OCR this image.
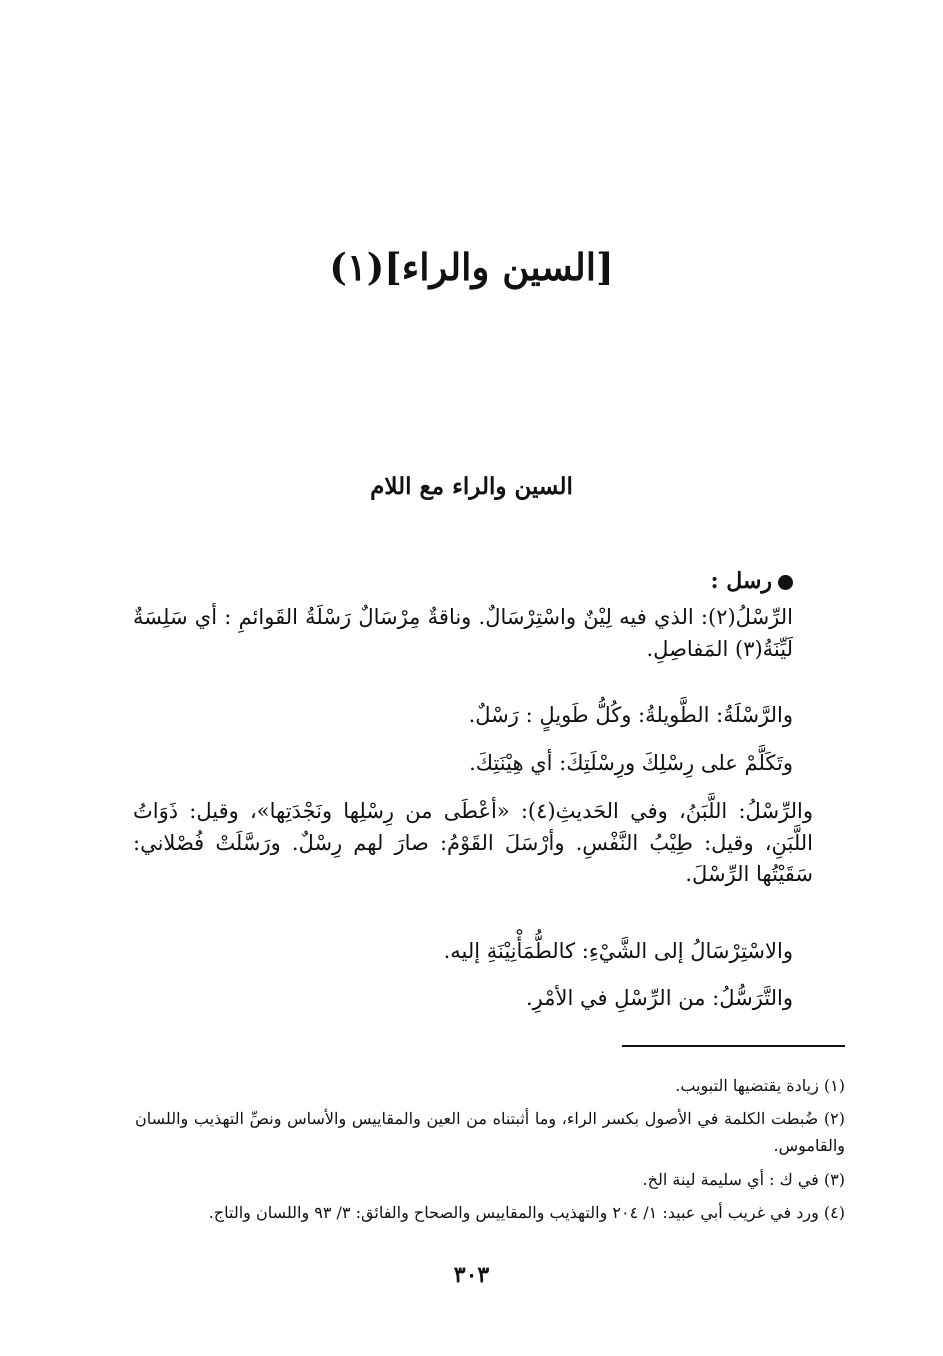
[السين والراء](١)
السين والراء مع اللام
رسل :
الرِّسْلُ(٢): الذي فيه لِيْنٌ واسْتِرْسَالٌ. وناقةٌ مِرْسَالٌ رَسْلَةُ القَوائمِ : أي سَلِسَةٌ لَيِّنَةُ(٣) المَفاصِلِ.
والرَّسْلَةُ: الطَّويلةُ: وكُلُّ طَويلٍ : رَسْلٌ.
وتَكَلَّمْ على رِسْلِكَ ورِسْلَتِكَ: أي هِيْنَتِكَ.
والرِّسْلُ: اللَّبَنُ، وفي الحَديثِ(٤): «أعْطَى من رِسْلِها ونَجْدَتِها»، وقيل: ذَوَاتُ اللَّبَنِ، وقيل: طِيْبُ النَّفْسِ. وأرْسَلَ القَوْمُ: صارَ لهم رِسْلٌ. ورَسَّلَتْ فُصْلاني: سَقَيْتُها الرِّسْلَ.
والاسْتِرْسَالُ إلى الشَّيْءِ: كالطُّمَأْنِيْنَةِ إليه.
والتَّرَسُّلُ: من الرِّسْلِ في الأمْرِ.
(١) زيادة يقتضيها التبويب.
(٢) ضُبطت الكلمة في الأصول بكسر الراء، وما أثبتناه من العين والمقاييس والأساس ونصِّ التهذيب واللسان والقاموس.
(٣) في ك : أي سليمة لينة الخ.
(٤) ورد في غريب أبي عبيد: ١/ ٢٠٤ والتهذيب والمقاييس والصحاح والفائق: ٣/ ٩٣ واللسان والتاج.
٣٠٣
